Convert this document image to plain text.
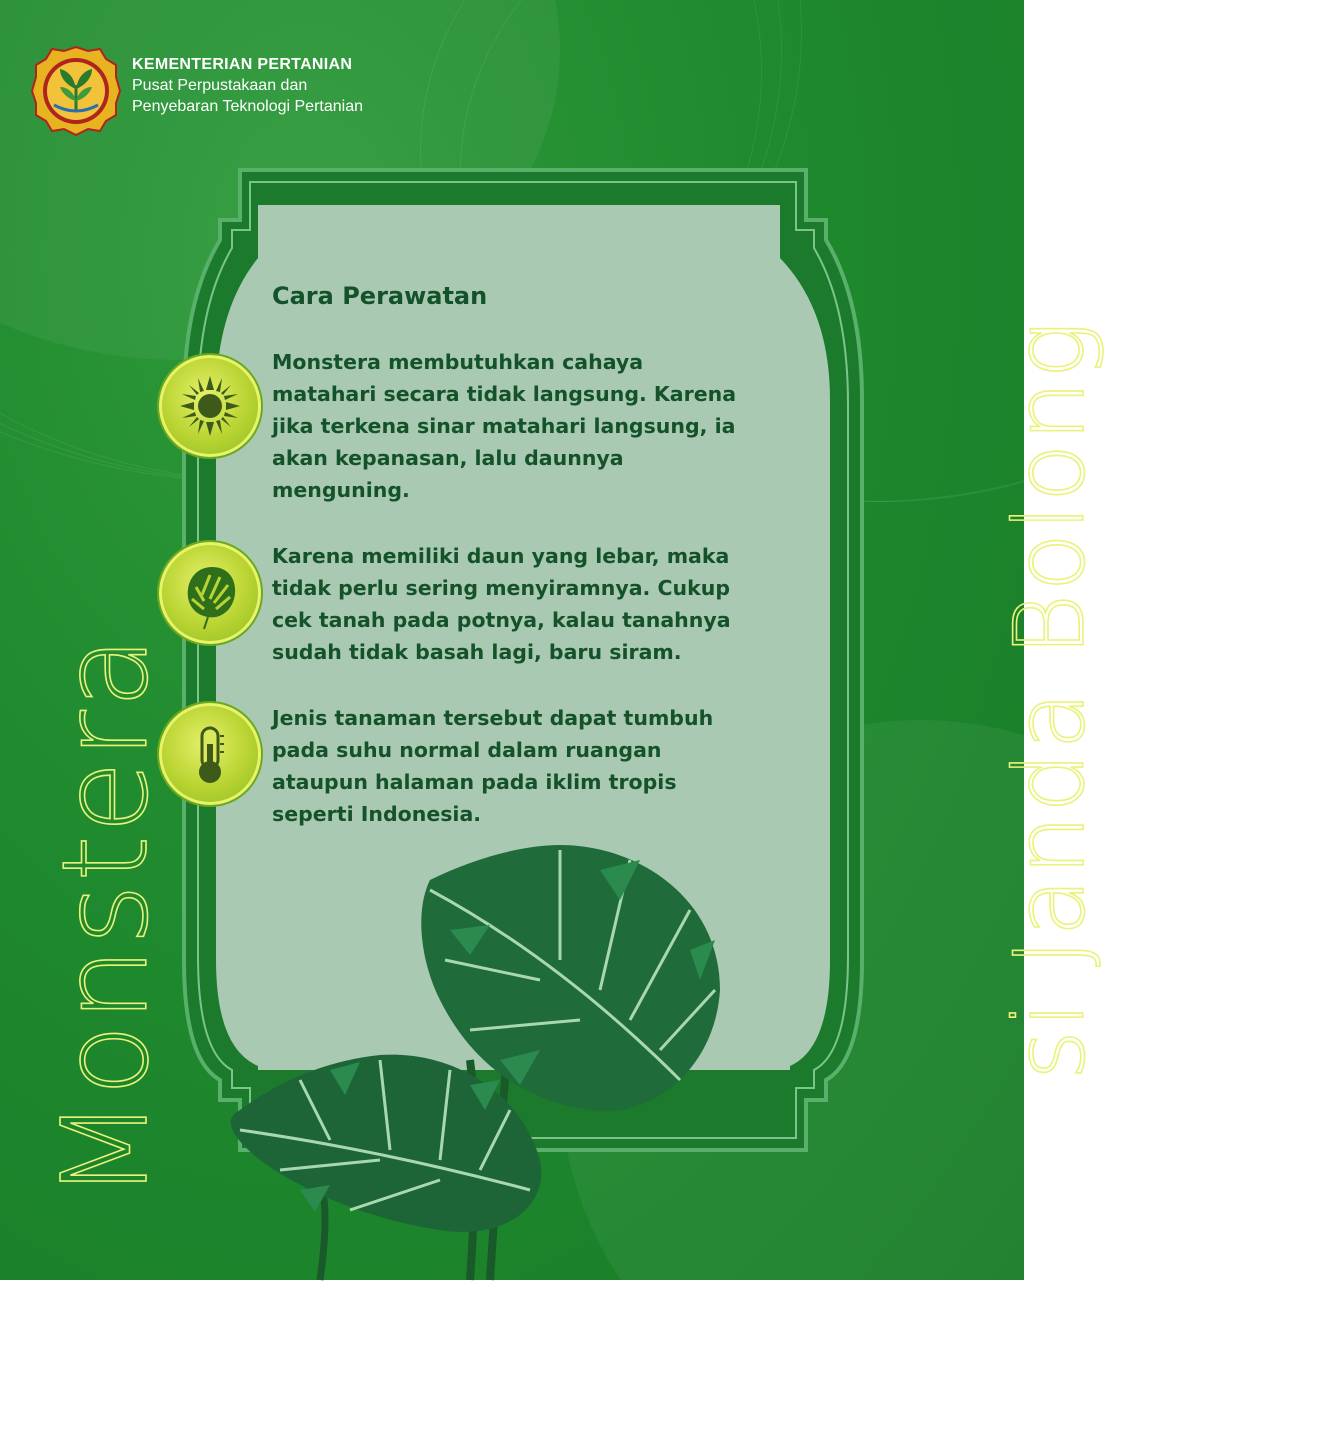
KEMENTERIAN PERTANIAN
Pusat Perpustakaan dan
Penyebaran Teknologi Pertanian
Cara Perawatan
Monstera membutuhkan cahaya
matahari secara tidak langsung. Karena
jika terkena sinar matahari langsung, ia
akan kepanasan, lalu daunnya
menguning.
Karena memiliki daun yang lebar, maka
tidak perlu sering menyiramnya. Cukup
cek tanah pada potnya, kalau tanahnya
sudah tidak basah lagi, baru siram.
Jenis tanaman tersebut dapat tumbuh
pada suhu normal dalam ruangan
ataupun halaman pada iklim tropis
seperti Indonesia.
Monstera	si Janda Bolong
